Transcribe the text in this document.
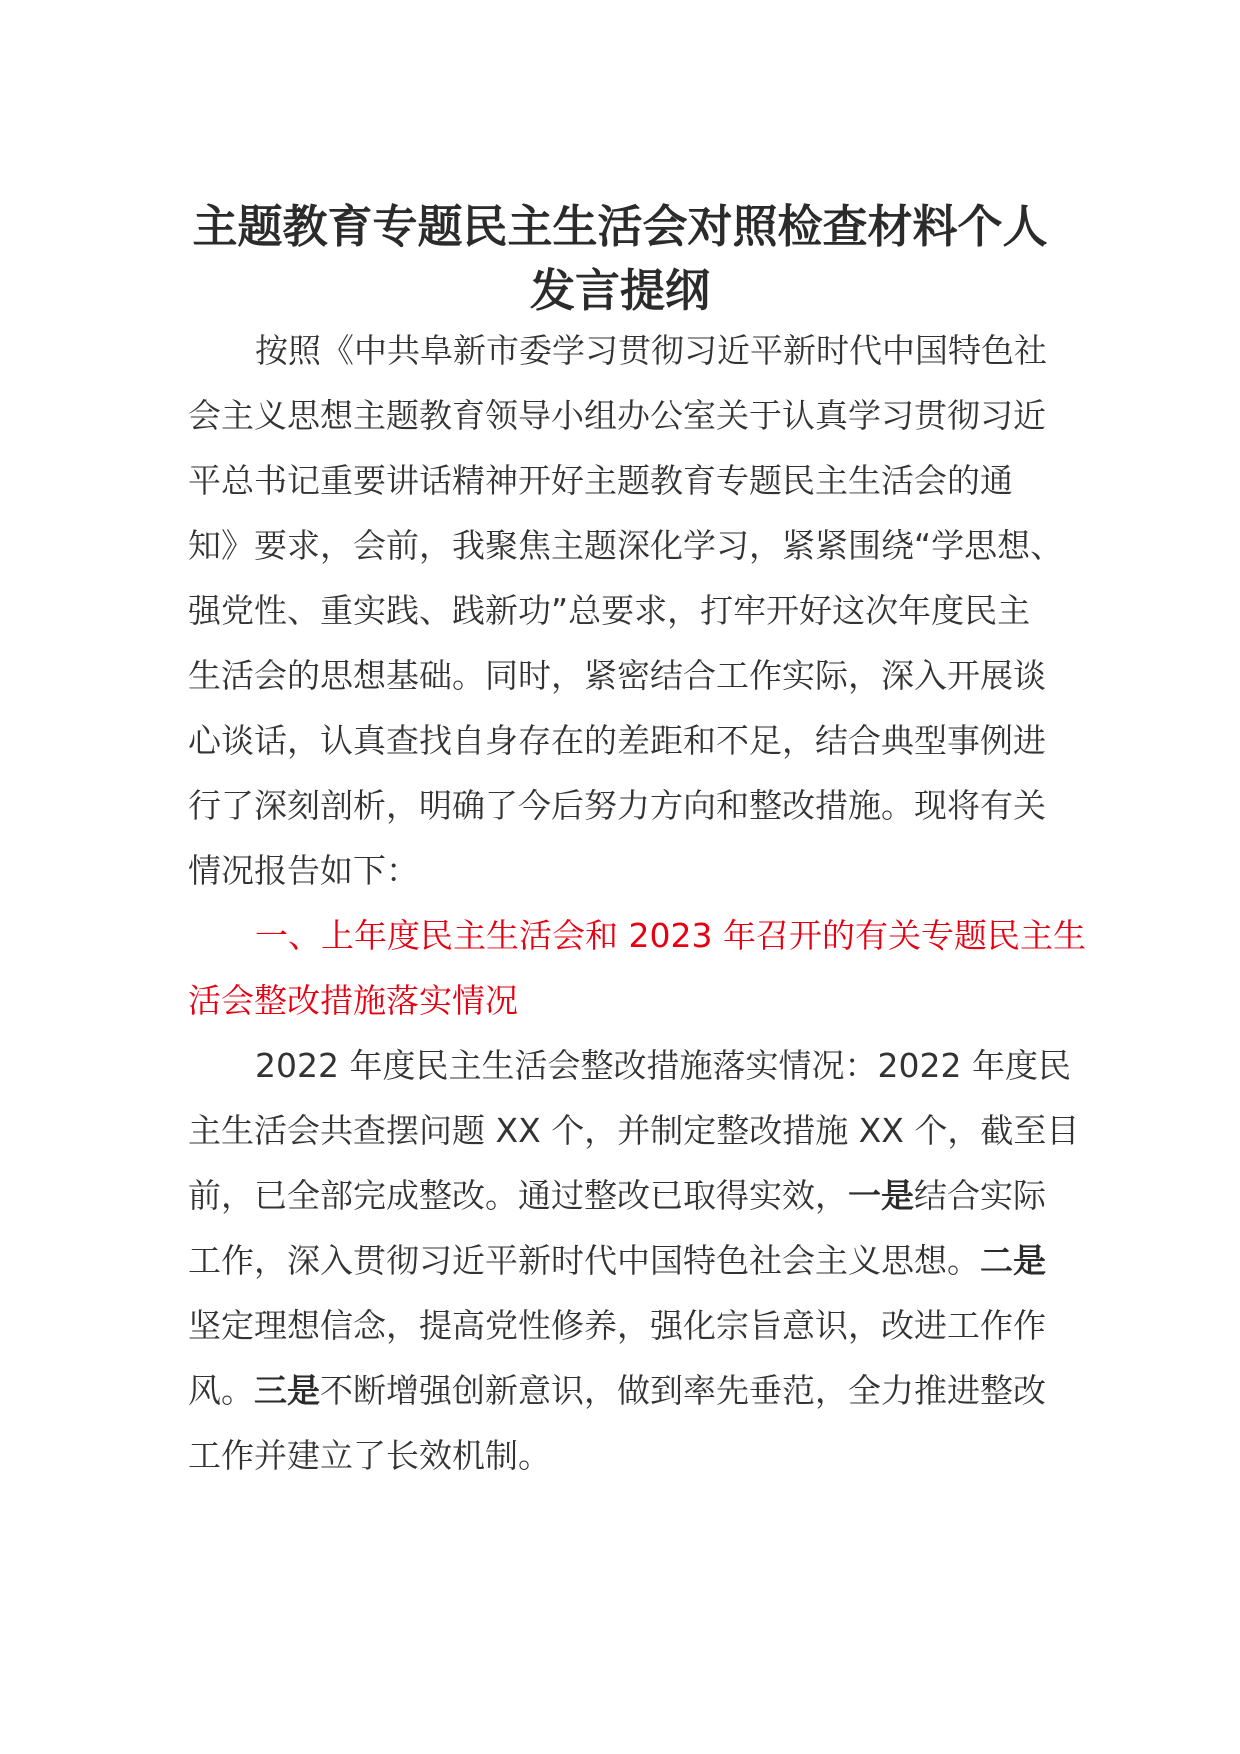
主题教育专题民主生活会对照检查材料个人
发言提纲
按照《中共阜新市委学习贯彻习近平新时代中国特色社
会主义思想主题教育领导小组办公室关于认真学习贯彻习近
平总书记重要讲话精神开好主题教育专题民主生活会的通
知》要求，会前，我聚焦主题深化学习，紧紧围绕“学思想、
强党性、重实践、践新功”总要求，打牢开好这次年度民主
生活会的思想基础。同时，紧密结合工作实际，深入开展谈
心谈话，认真查找自身存在的差距和不足，结合典型事例进
行了深刻剖析，明确了今后努力方向和整改措施。现将有关
情况报告如下：
一、上年度民主生活会和 2023 年召开的有关专题民主生
活会整改措施落实情况
2022 年度民主生活会整改措施落实情况：2022 年度民
主生活会共查摆问题 XX 个，并制定整改措施 XX 个，截至目
前，已全部完成整改。通过整改已取得实效，一是结合实际
工作，深入贯彻习近平新时代中国特色社会主义思想。二是
坚定理想信念，提高党性修养，强化宗旨意识，改进工作作
风。三是不断增强创新意识，做到率先垂范，全力推进整改
工作并建立了长效机制。
